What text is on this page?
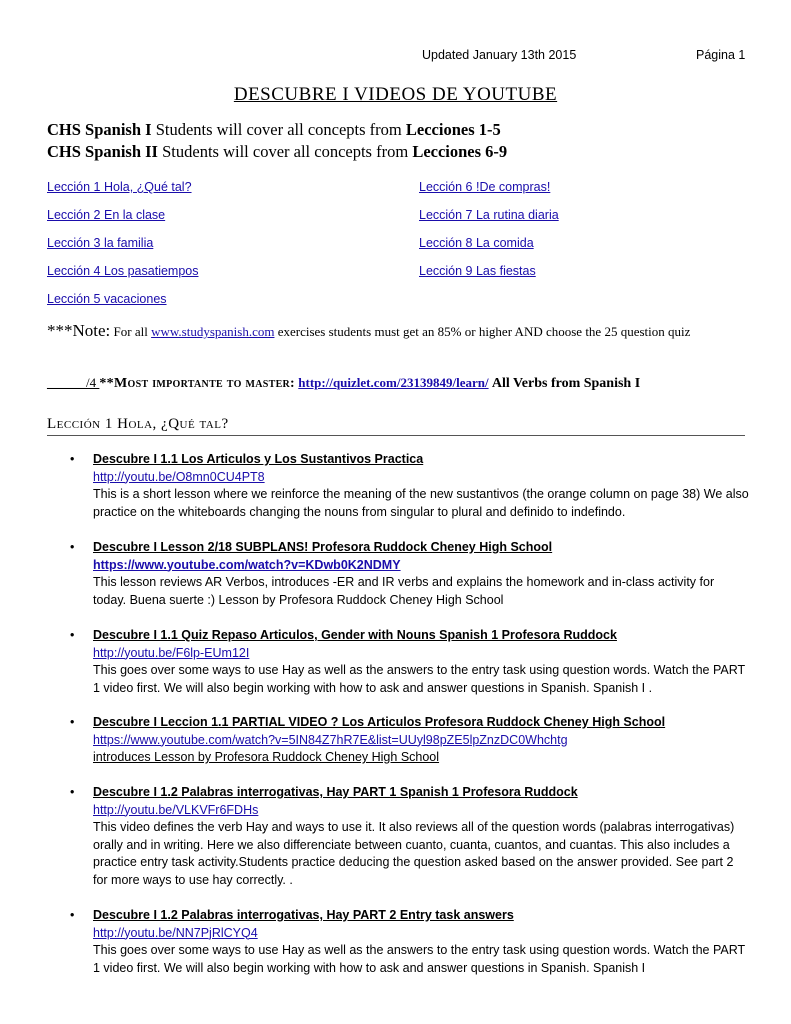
Updated January 13th 2015	Página 1
DESCUBRE I VIDEOS DE YOUTUBE
CHS Spanish I Students will cover all concepts from Lecciones 1-5
CHS Spanish II Students will cover all concepts from Lecciones 6-9
Lección 1 Hola, ¿Qué tal?
Lección 2 En la clase
Lección 3 la familia
Lección 4 Los pasatiempos
Lección 5 vacaciones
Lección 6 !De compras!
Lección 7 La rutina diaria
Lección 8 La comida
Lección 9 Las fiestas
***Note: For all www.studyspanish.com exercises students must get an 85% or higher AND choose the 25 question quiz
______/4 **Most importante to master: http://quizlet.com/23139849/learn/ All Verbs from Spanish I
Lección 1 Hola, ¿Qué tal?
•	Descubre I 1.1 Los Articulos y Los Sustantivos Practica
http://youtu.be/O8mn0CU4PT8
This is a short lesson where we reinforce the meaning of the new sustantivos (the orange column on page 38) We also practice on the whiteboards changing the nouns from singular to plural and definido to indefindo.
•	Descubre I Lesson 2/18 SUBPLANS! Profesora Ruddock Cheney High School
https://www.youtube.com/watch?v=KDwb0K2NDMY
This lesson reviews AR Verbos, introduces -ER and IR verbs and explains the homework and in-class activity for today. Buena suerte :) Lesson by Profesora Ruddock Cheney High School
•	Descubre I 1.1 Quiz Repaso Articulos, Gender with Nouns Spanish 1 Profesora Ruddock
http://youtu.be/F6lp-EUm12I
This goes over some ways to use Hay as well as the answers to the entry task using question words. Watch the PART 1 video first. We will also begin working with how to ask and answer questions in Spanish. Spanish I .
•	Descubre I Leccion 1.1 PARTIAL VIDEO ? Los Articulos Profesora Ruddock Cheney High School
https://www.youtube.com/watch?v=5IN84Z7hR7E&list=UUyl98pZE5lpZnzDC0Whchtg
introduces Lesson by Profesora Ruddock Cheney High School
•	Descubre I 1.2 Palabras interrogativas, Hay PART 1 Spanish 1 Profesora Ruddock
http://youtu.be/VLKVFr6FDHs
This video defines the verb Hay and ways to use it. It also reviews all of the question words (palabras interrogativas) orally and in writing. Here we also differenciate between cuanto, cuanta, cuantos, and cuantas. This also includes a practice entry task activity.Students practice deducing the question asked based on the answer provided. See part 2 for more ways to use hay correctly. .
•	Descubre I 1.2 Palabras interrogativas, Hay PART 2 Entry task answers
http://youtu.be/NN7PjRlCYQ4
This goes over some ways to use Hay as well as the answers to the entry task using question words. Watch the PART 1 video first. We will also begin working with how to ask and answer questions in Spanish. Spanish I
